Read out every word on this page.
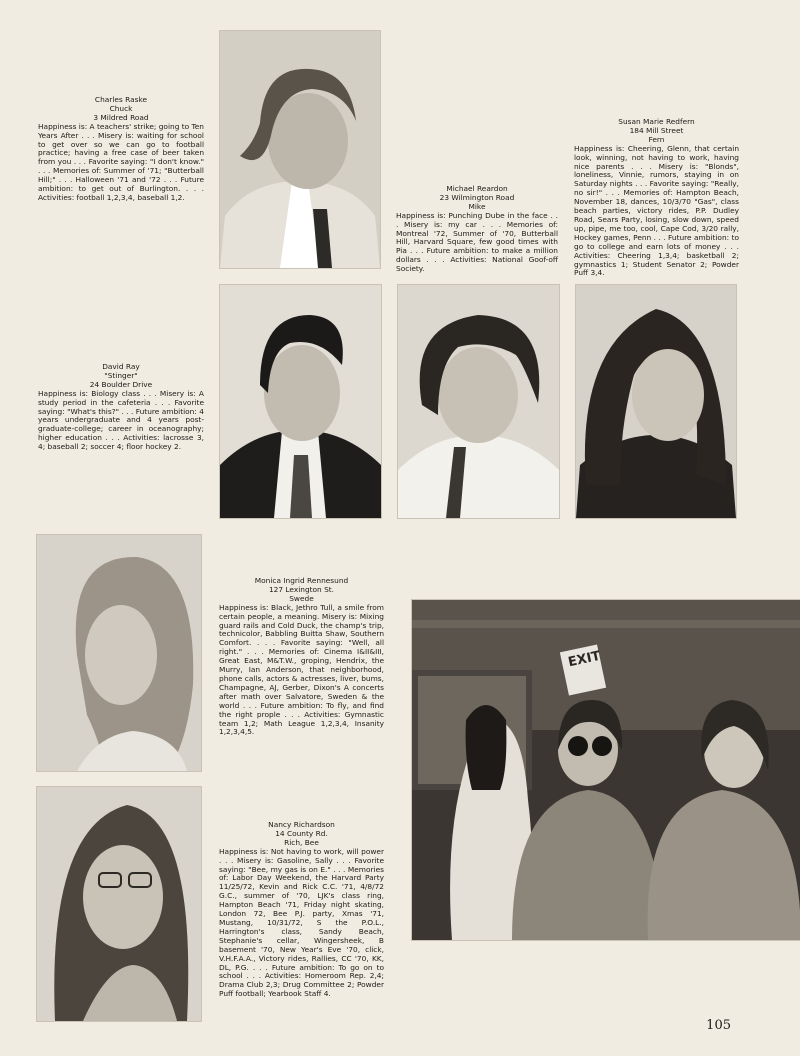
Charles Raske
Chuck
3 Mildred Road

Happiness is: A teachers' strike; going to Ten Years After . . . Misery is: waiting for school to get over so we can go to football practice; having a free case of beer taken from you . . . Favorite saying: "I don't know." . . . Memories of: Summer of '71; "Butterball Hill;" . . . Halloween '71 and '72 . . . Future ambition: to get out of Burlington. . . . Activities: football 1,2,3,4, baseball 1,2.

Michael Reardon
23 Wilmington Road
Mike

Happiness is: Punching Dube in the face . . . Misery is: my car . . . Memories of: Montreal '72, Summer of '70, Butterball Hill, Harvard Square, few good times with Pia . . . Future ambition: to make a million dollars . . . Activities: National Goof-off Society.

Susan Marie Redfern
184 Mill Street
Fern

Happiness is: Cheering, Glenn, that certain look, winning, not having to work, having nice parents . . . Misery is: "Blonds", loneliness, Vinnie, rumors, staying in on Saturday nights . . . Favorite saying: "Really, no sir!" . . . Memories of: Hampton Beach, November 18, dances, 10/3/70 "Gas", class beach parties, victory rides, P.P. Dudley Road, Sears Party, losing, slow down, speed up, pipe, me too, cool, Cape Cod, 3/20 rally, Hockey games, Penn . . . Future ambition: to go to college and earn lots of money . . . Activities: Cheering 1,3,4; basketball 2; gymnastics 1; Student Senator 2; Powder Puff 3,4.

David Ray
"Stinger"
24 Boulder Drive

Happiness is: Biology class . . . Misery is: A study period in the cafeteria . . . Favorite saying: "What's this?" . . . Future ambition: 4 years undergraduate and 4 years post-graduate-college; career in oceanography; higher education . . . Activities: lacrosse 3, 4; baseball 2; soccer 4; floor hockey 2.

Monica Ingrid Rennesund
127 Lexington St.
Swede

Happiness is: Black, Jethro Tull, a smile from certain people, a meaning. Misery is: Mixing guard rails and Cold Duck, the champ's trip, technicolor, Babbling Buitta Shaw, Southern Comfort. . . . Favorite saying: "Well, all right." . . . Memories of: Cinema I&II&III, Great East, M&T.W., groping, Hendrix, the Murry, Ian Anderson, that neighborhood, phone calls, actors & actresses, liver, bums, Champagne, AJ, Gerber, Dixon's A concerts after math over Salvatore, Sweden & the world . . . Future ambition: To fly, and find the right prople . . . Activities: Gymnastic team 1,2; Math League 1,2,3,4, Insanity 1,2,3,4,5.

Nancy Richardson
14 County Rd.
Rich, Bee

Happiness is: Not having to work, will power . . . Misery is: Gasoline, Sally . . . Favorite saying: "Bee, my gas is on E." . . . Memories of: Labor Day Weekend, the Harvard Party 11/25/72, Kevin and Rick C.C. '71, 4/8/72 G.C., summer of '70, LJK's class ring, Hampton Beach '71, Friday night skating, London 72, Bee P.J. party, Xmas '71, Mustang, 10/31/72, S the P.O.L., Harrington's class, Sandy Beach, Stephanie's cellar, Wingersheek, B basement '70, New Year's Eve '70, click, V.H.F.A.A., Victory rides, Rallies, CC '70, KK, DL, P.G. . . . Future ambition: To go on to school . . . Activities: Homeroom Rep. 2,4; Drama Club 2,3; Drug Committee 2; Powder Puff football; Yearbook Staff 4.

EXIT
105
